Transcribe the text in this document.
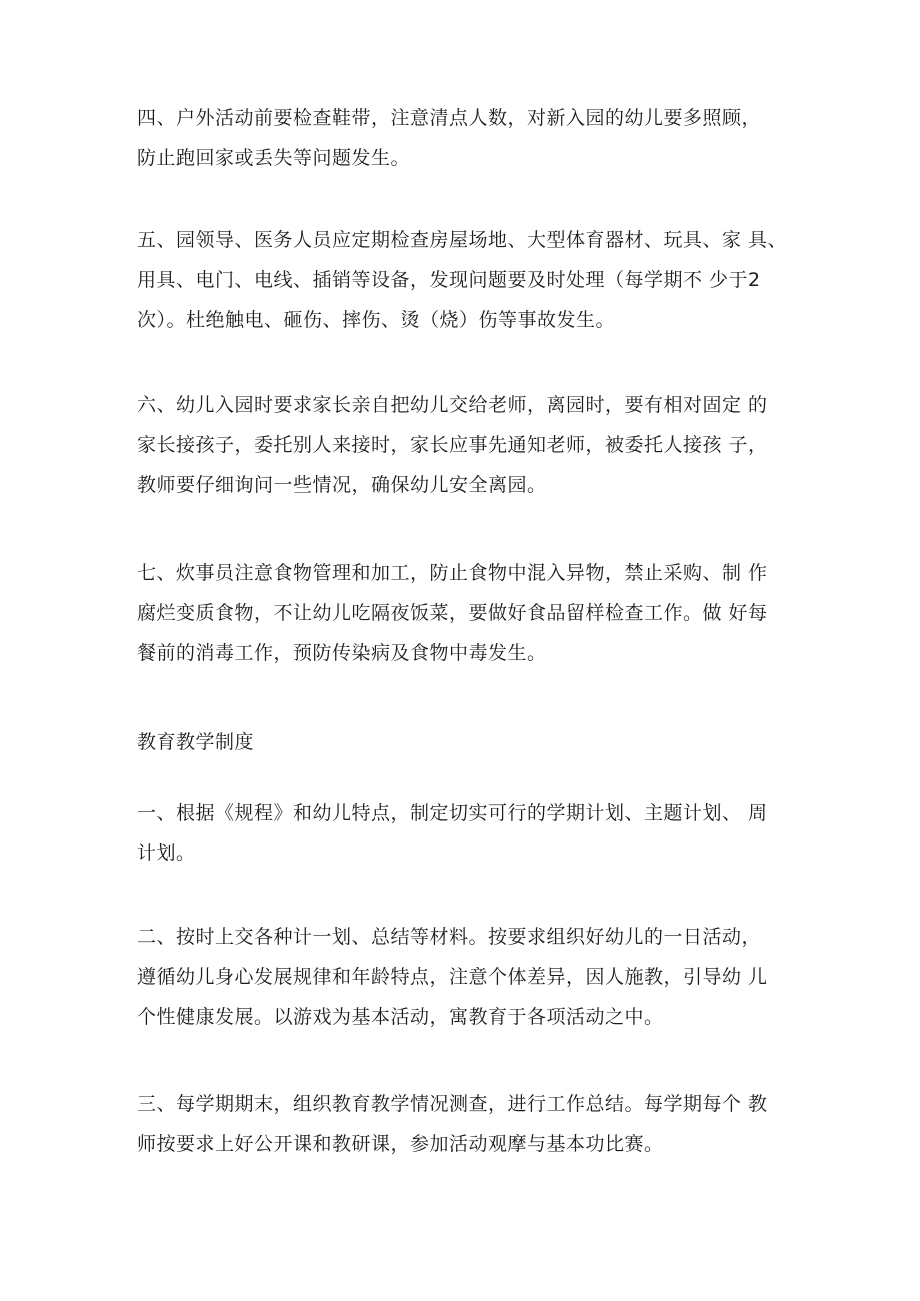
四、户外活动前要检查鞋带，注意清点人数，对新入园的幼儿要多照顾，
防止跑回家或丢失等问题发生。
五、园领导、医务人员应定期检查房屋场地、大型体育器材、玩具、家 具、
用具、电门、电线、插销等设备，发现问题要及时处理（每学期不 少于2
次）。杜绝触电、砸伤、摔伤、烫（烧）伤等事故发生。
六、幼儿入园时要求家长亲自把幼儿交给老师，离园时，要有相对固定 的
家长接孩子，委托别人来接时，家长应事先通知老师，被委托人接孩 子，
教师要仔细询问一些情况，确保幼儿安全离园。
七、炊事员注意食物管理和加工，防止食物中混入异物，禁止采购、制 作
腐烂变质食物，不让幼儿吃隔夜饭菜，要做好食品留样检查工作。做 好每
餐前的消毒工作，预防传染病及食物中毒发生。
教育教学制度
一、根据《规程》和幼儿特点，制定切实可行的学期计划、主题计划、 周
计划。
二、按时上交各种计一划、总结等材料。按要求组织好幼儿的一日活动，
遵循幼儿身心发展规律和年龄特点，注意个体差异，因人施教，引导幼 儿
个性健康发展。以游戏为基本活动，寓教育于各项活动之中。
三、每学期期末，组织教育教学情况测查，进行工作总结。每学期每个 教
师按要求上好公开课和教研课，参加活动观摩与基本功比赛。
